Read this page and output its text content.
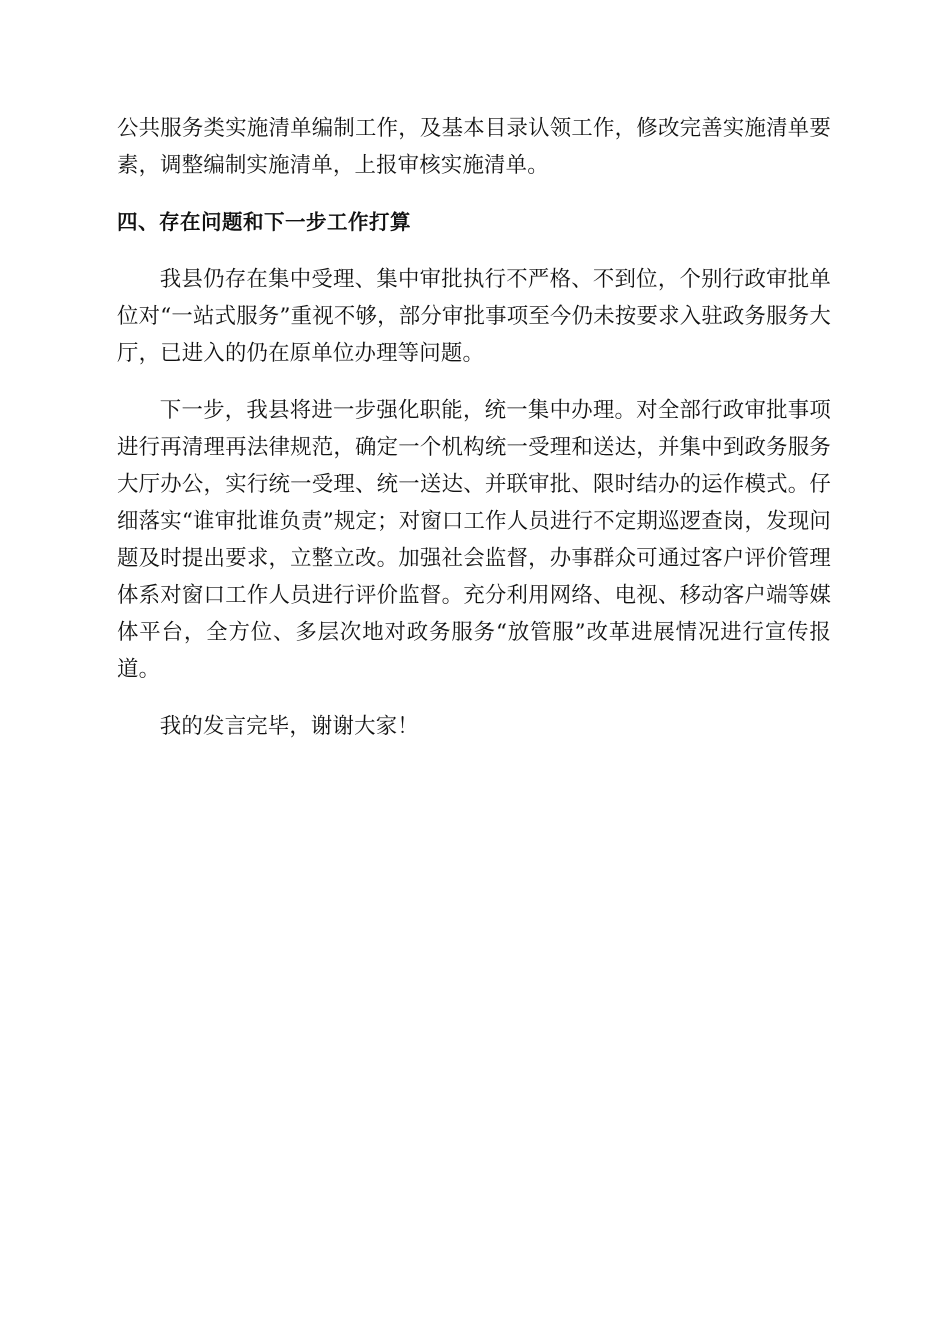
公共服务类实施清单编制工作，及基本目录认领工作，修改完善实施清单要素，调整编制实施清单，上报审核实施清单。

四、存在问题和下一步工作打算

我县仍存在集中受理、集中审批执行不严格、不到位，个别行政审批单位对“一站式服务”重视不够，部分审批事项至今仍未按要求入驻政务服务大厅，已进入的仍在原单位办理等问题。

下一步，我县将进一步强化职能，统一集中办理。对全部行政审批事项进行再清理再法律规范，确定一个机构统一受理和送达，并集中到政务服务大厅办公，实行统一受理、统一送达、并联审批、限时结办的运作模式。仔细落实“谁审批谁负责”规定；对窗口工作人员进行不定期巡逻查岗，发现问题及时提出要求，立整立改。加强社会监督，办事群众可通过客户评价管理体系对窗口工作人员进行评价监督。充分利用网络、电视、移动客户端等媒体平台，全方位、多层次地对政务服务“放管服”改革进展情况进行宣传报道。

我的发言完毕，谢谢大家！
